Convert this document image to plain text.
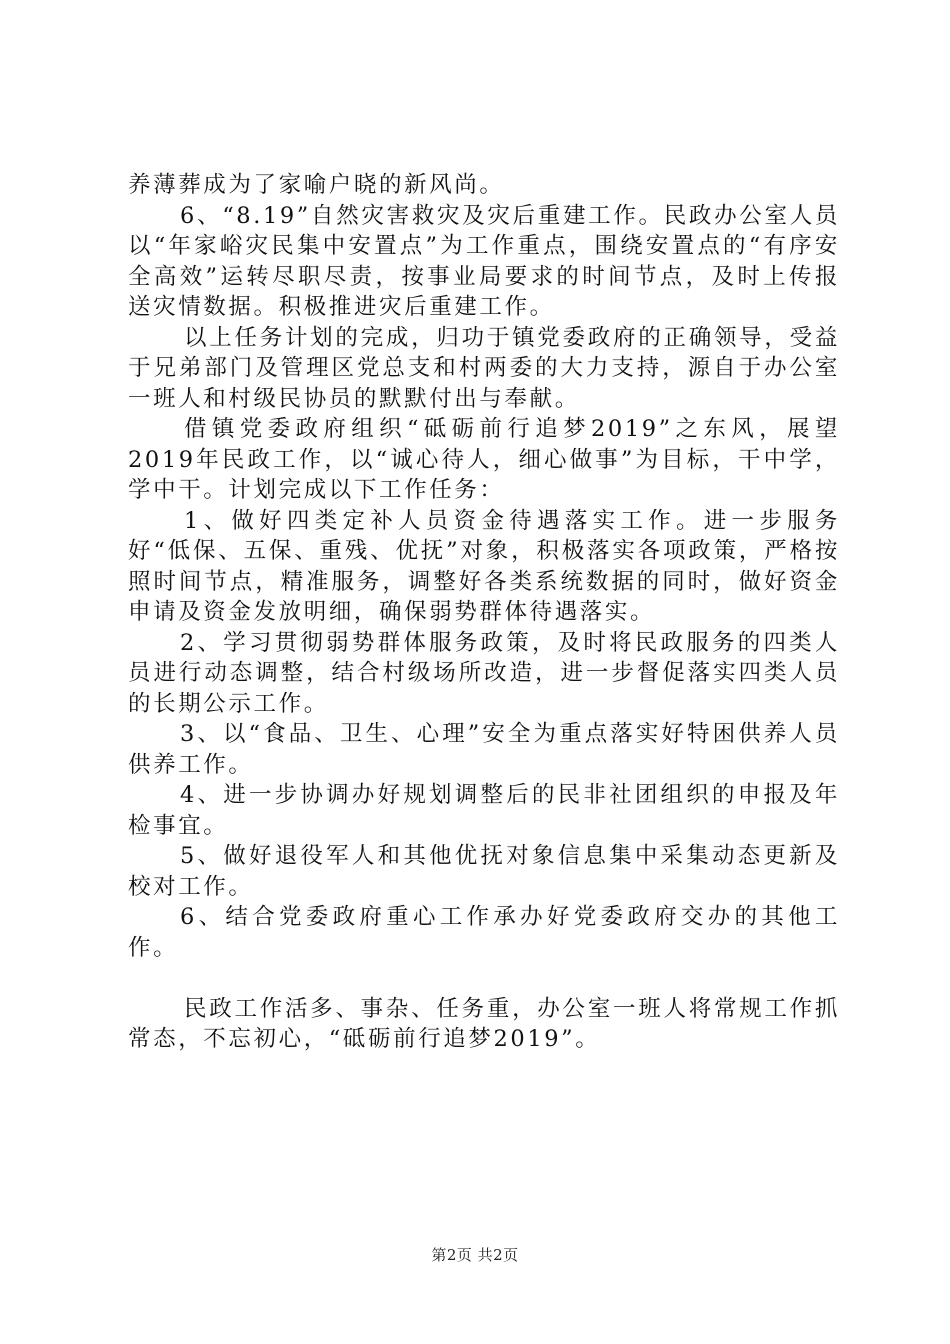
养薄葬成为了家喻户晓的新风尚。

6、“8.19”自然灾害救灾及灾后重建工作。民政办公室人员以“年家峪灾民集中安置点”为工作重点，围绕安置点的“有序安全高效”运转尽职尽责，按事业局要求的时间节点，及时上传报送灾情数据。积极推进灾后重建工作。

以上任务计划的完成，归功于镇党委政府的正确领导，受益于兄弟部门及管理区党总支和村两委的大力支持，源自于办公室一班人和村级民协员的默默付出与奉献。

借镇党委政府组织“砥砺前行追梦2019”之东风，展望2019年民政工作，以“诚心待人，细心做事”为目标，干中学，学中干。计划完成以下工作任务：

1、做好四类定补人员资金待遇落实工作。进一步服务好“低保、五保、重残、优抚”对象，积极落实各项政策，严格按照时间节点，精准服务，调整好各类系统数据的同时，做好资金申请及资金发放明细，确保弱势群体待遇落实。

2、学习贯彻弱势群体服务政策，及时将民政服务的四类人员进行动态调整，结合村级场所改造，进一步督促落实四类人员的长期公示工作。

3、以“食品、卫生、心理”安全为重点落实好特困供养人员供养工作。

4、进一步协调办好规划调整后的民非社团组织的申报及年检事宜。

5、做好退役军人和其他优抚对象信息集中采集动态更新及校对工作。

6、结合党委政府重心工作承办好党委政府交办的其他工作。

民政工作活多、事杂、任务重，办公室一班人将常规工作抓常态，不忘初心，“砥砺前行追梦2019”。

第2页 共2页
